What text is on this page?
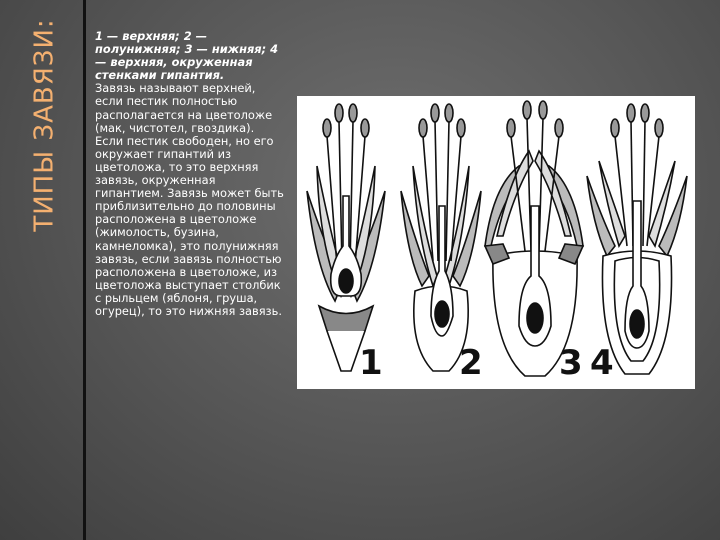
ТИПЫ ЗАВЯЗИ:	1 — верхняя; 2 — полунижняя; 3 — нижняя; 4 — верхняя, окруженная стенками гипантия.
Завязь называют верхней, если пестик полностью располагается на цветоложе (мак, чистотел, гвоздика). Если пестик свободен, но его окружает гипантий из цветоложа, то это верхняя завязь, окруженная гипантием. Завязь может быть приблизительно до половины расположена в цветоложе (жимолость, бузина, камнеломка), это полунижняя завязь, если завязь полностью расположена в цветоложе, из цветоложа выступает столбик с рыльцем (яблоня, груша, огурец), то это нижняя завязь.
1 2 3 4
